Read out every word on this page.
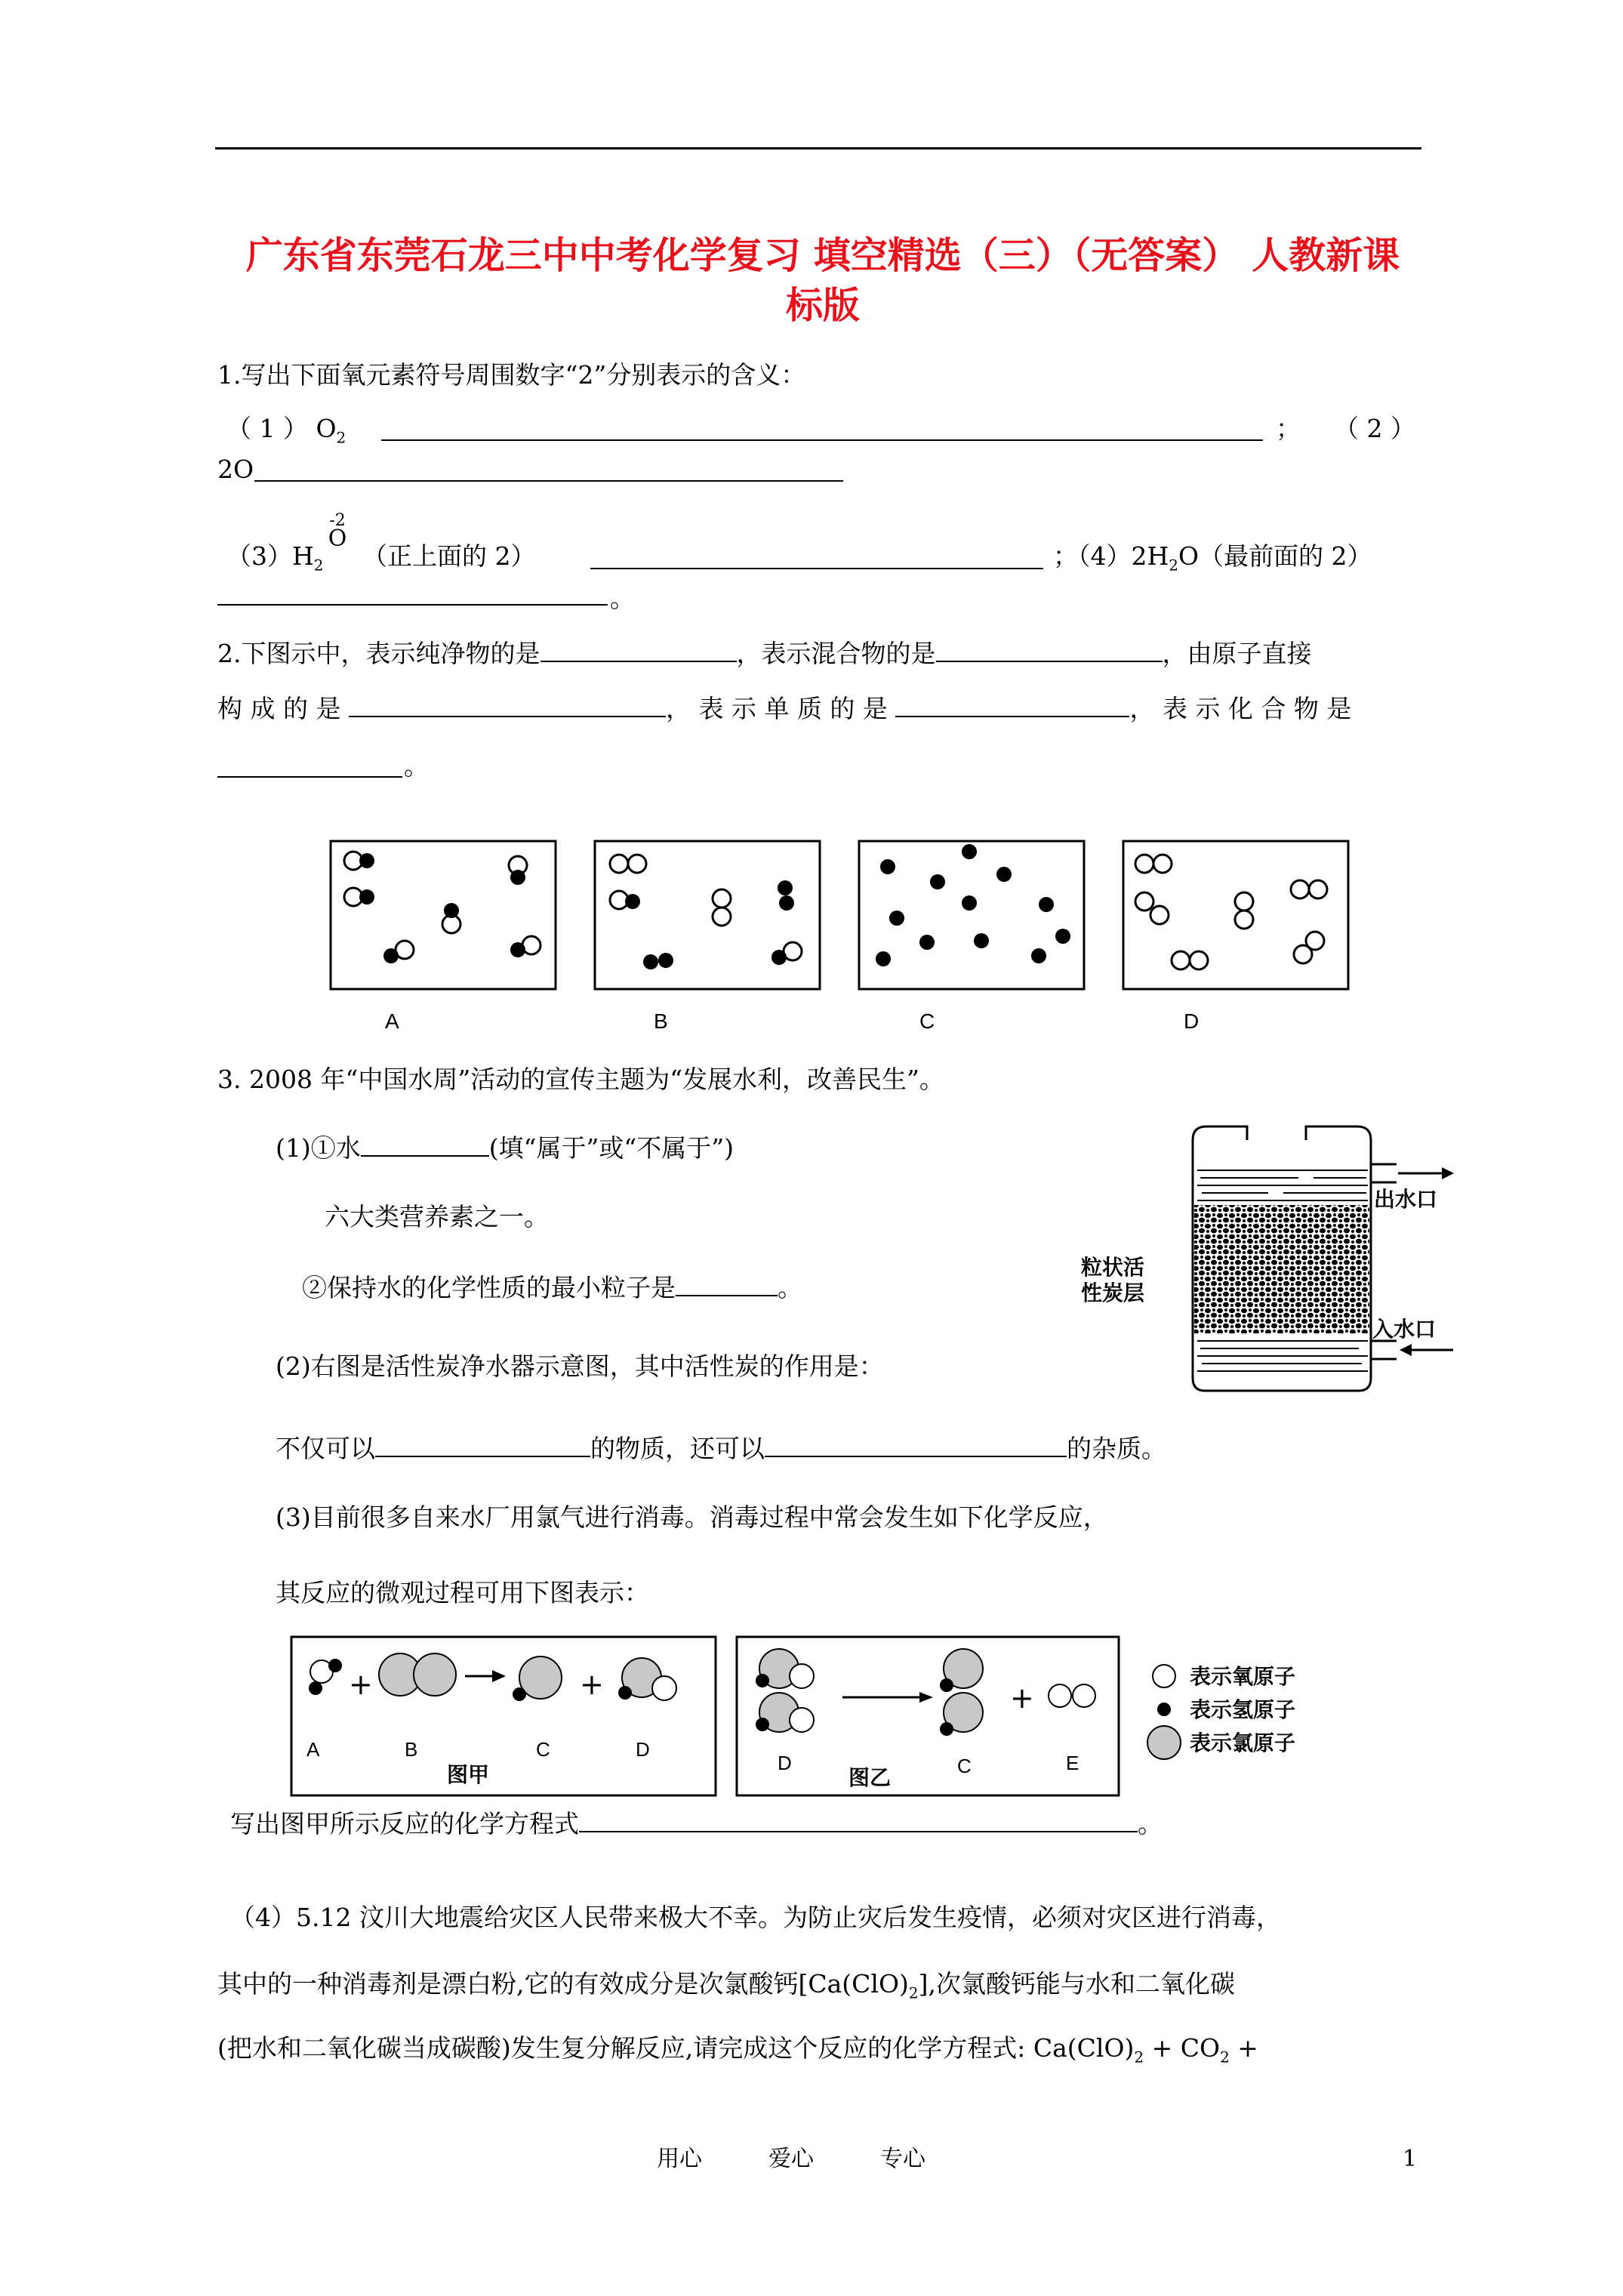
广东省东莞石龙三中中考化学复习 填空精选（三）（无答案） 人教新课
标版
1.写出下面氧元素符号周围数字“2”分别表示的含义：
（ 1 ） $O_2$	； （ 2 ）
2O
$(3)H_2$
-2
O
（正上面的 2）	；$(4)2H_2O$（最前面的 2）
。
2.下图示中，表示纯净物的是	，表示混合物的是	，由原子直接
构 成 的 是	， 表 示 单 质 的 是	， 表 示 化 合 物 是
。
A	B	C	D
3. 2008 年“中国水周”活动的宣传主题为“发展水利，改善民生”。
(1)①水	(填“属于”或“不属于”)
六大类营养素之一。
②保持水的化学性质的最小粒子是	。
(2)右图是活性炭净水器示意图，其中活性炭的作用是：
不仅可以	的物质，还可以	的杂质。
(3)目前很多自来水厂用氯气进行消毒。消毒过程中常会发生如下化学反应，
其反应的微观过程可用下图表示：
出水口
入水口
粒状活
性炭层
+	+
A	B	C	D
图甲
+
D	C	E
图乙
表示氧原子
表示氢原子
表示氯原子
写出图甲所示反应的化学方程式	。
（4）5.12 汶川大地震给灾区人民带来极大不幸。为防止灾后发生疫情，必须对灾区进行消毒，
其中的一种消毒剂是漂白粉,它的有效成分是次氯酸钙$[Ca(ClO)_2]$,次氯酸钙能与水和二氧化碳
(把水和二氧化碳当成碳酸)发生复分解反应,请完成这个反应的化学方程式: $Ca(ClO)_2 + CO_2$ +
用心	爱心	专心	1
